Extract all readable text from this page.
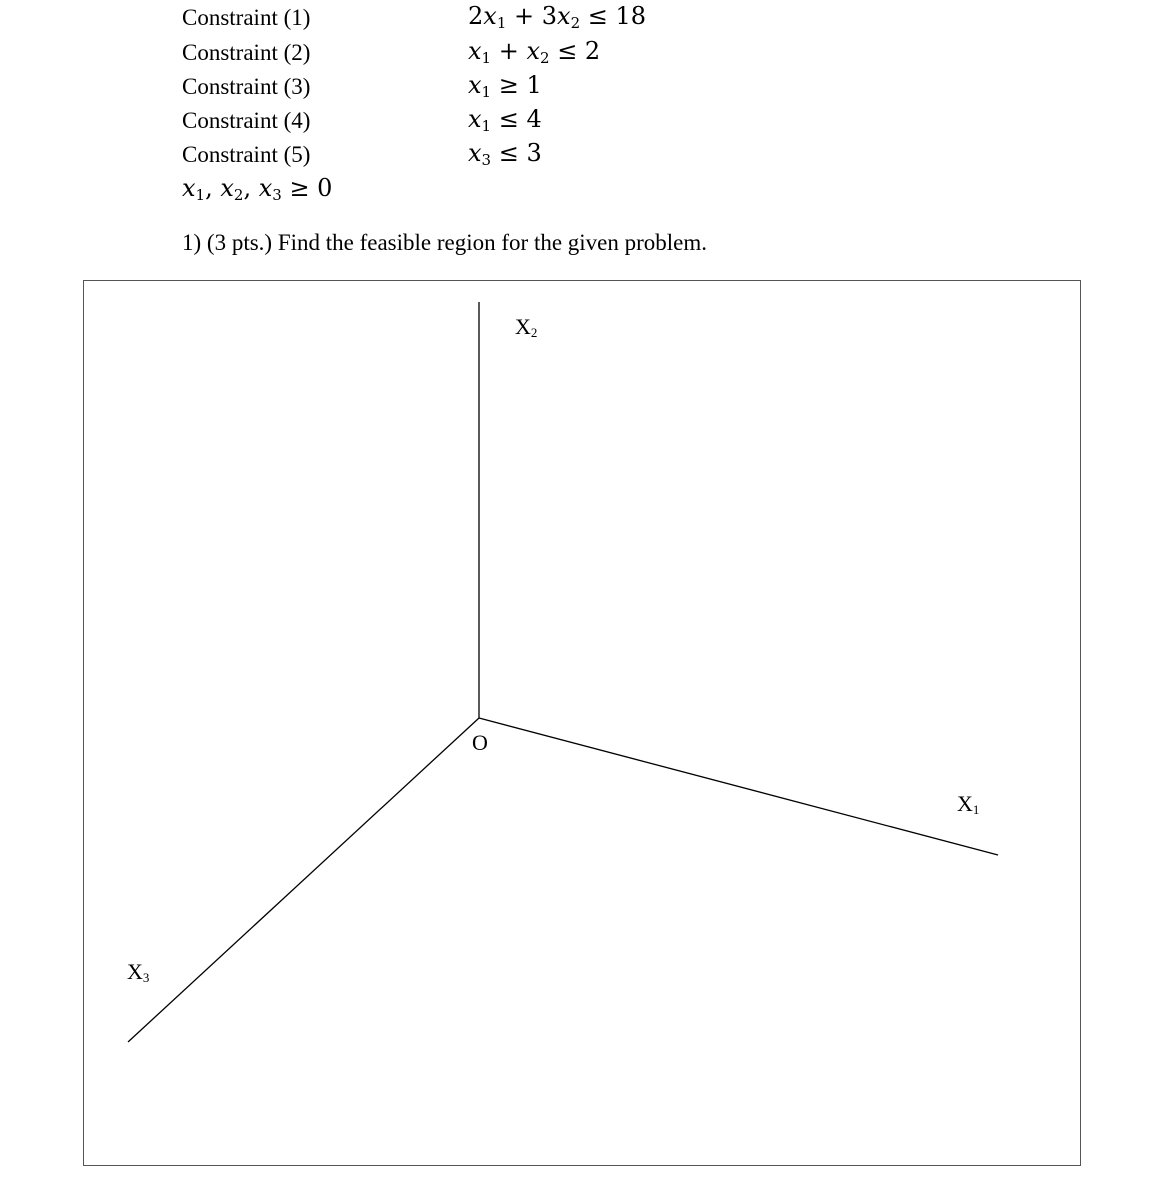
Constraint (1)	$2x_1 + 3x_2 \le 18$
Constraint (2)	$x_1 + x_2 \le 2$
Constraint (3)	$x_1 \ge 1$
Constraint (4)	$x_1 \le 4$
Constraint (5)	$x_3 \le 3$
$x_1$, $x_2$, $x_3 \ge 0$
1) (3 pts.) Find the feasible region for the given problem.
$X_2$
O
$X_1$
$X_3$
